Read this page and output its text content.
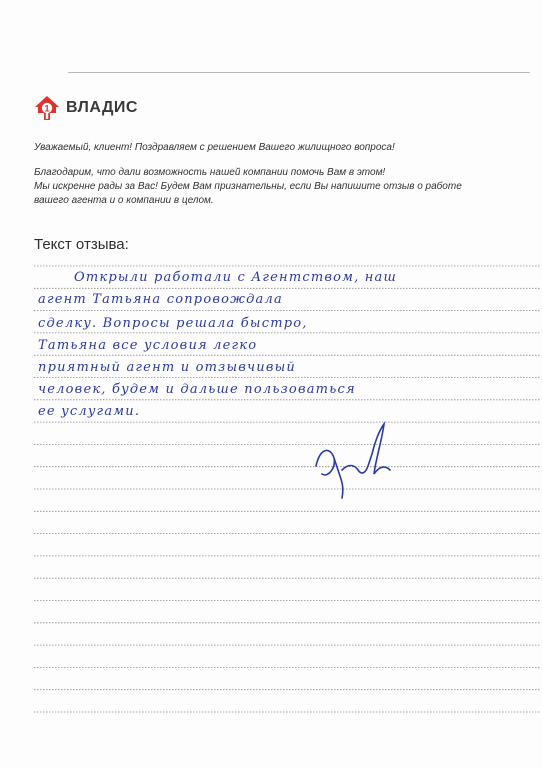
1 ВЛАДИС
Уважаемый, клиент! Поздравляем с решением Вашего жилищного вопроса!
Благодарим, что дали возможность нашей компании помочь Вам в этом!
Мы искренне рады за Вас! Будем Вам признательны, если Вы напишите отзыв о работе
вашего агента и о компании в целом.
Текст отзыва:
Открыли работали с Агентством, наш
агент Татьяна сопровождала
сделку. Вопросы решала быстро,
Татьяна все условия легко
приятный агент и отзывчивый
человек, будем и дальше пользоваться
ее услугами.
